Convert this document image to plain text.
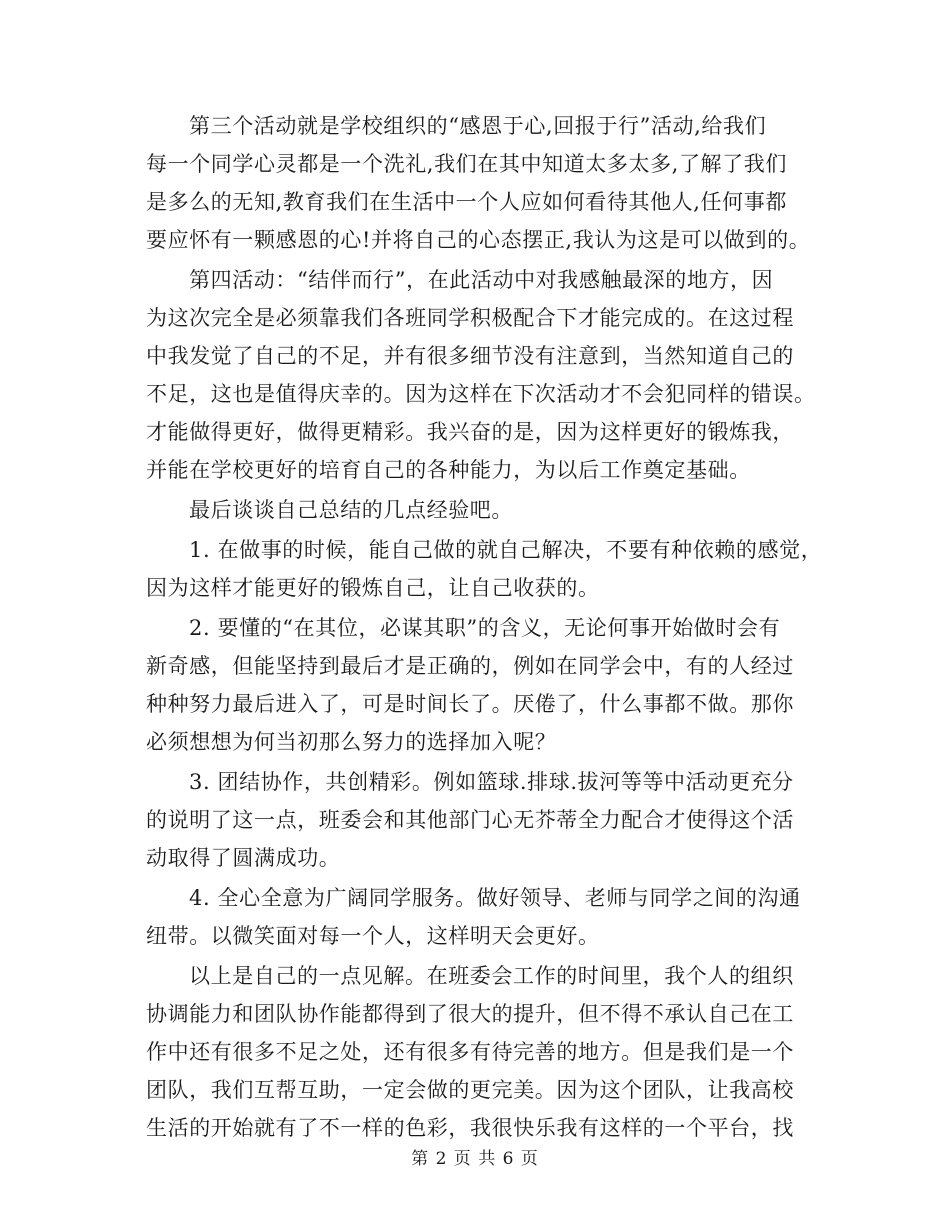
第三个活动就是学校组织的“感恩于心,回报于行”活动,给我们
每一个同学心灵都是一个洗礼,我们在其中知道太多太多,了解了我们
是多么的无知,教育我们在生活中一个人应如何看待其他人,任何事都
要应怀有一颗感恩的心!并将自己的心态摆正,我认为这是可以做到的。
第四活动：“结伴而行”，在此活动中对我感触最深的地方，因
为这次完全是必须靠我们各班同学积极配合下才能完成的。在这过程
中我发觉了自己的不足，并有很多细节没有注意到，当然知道自己的
不足，这也是值得庆幸的。因为这样在下次活动才不会犯同样的错误。
才能做得更好，做得更精彩。我兴奋的是，因为这样更好的锻炼我，
并能在学校更好的培育自己的各种能力，为以后工作奠定基础。
最后谈谈自己总结的几点经验吧。
1. 在做事的时候，能自己做的就自己解决，不要有种依赖的感觉，
因为这样才能更好的锻炼自己，让自己收获的。
2. 要懂的“在其位，必谋其职”的含义，无论何事开始做时会有
新奇感，但能坚持到最后才是正确的，例如在同学会中，有的人经过
种种努力最后进入了，可是时间长了。厌倦了，什么事都不做。那你
必须想想为何当初那么努力的选择加入呢？
3. 团结协作，共创精彩。例如篮球.排球.拔河等等中活动更充分
的说明了这一点，班委会和其他部门心无芥蒂全力配合才使得这个活
动取得了圆满成功。
4. 全心全意为广阔同学服务。做好领导、老师与同学之间的沟通
纽带。以微笑面对每一个人，这样明天会更好。
以上是自己的一点见解。在班委会工作的时间里，我个人的组织
协调能力和团队协作能都得到了很大的提升，但不得不承认自己在工
作中还有很多不足之处，还有很多有待完善的地方。但是我们是一个
团队，我们互帮互助，一定会做的更完美。因为这个团队，让我高校
生活的开始就有了不一样的色彩，我很快乐我有这样的一个平台，找
第 2 页 共 6 页
